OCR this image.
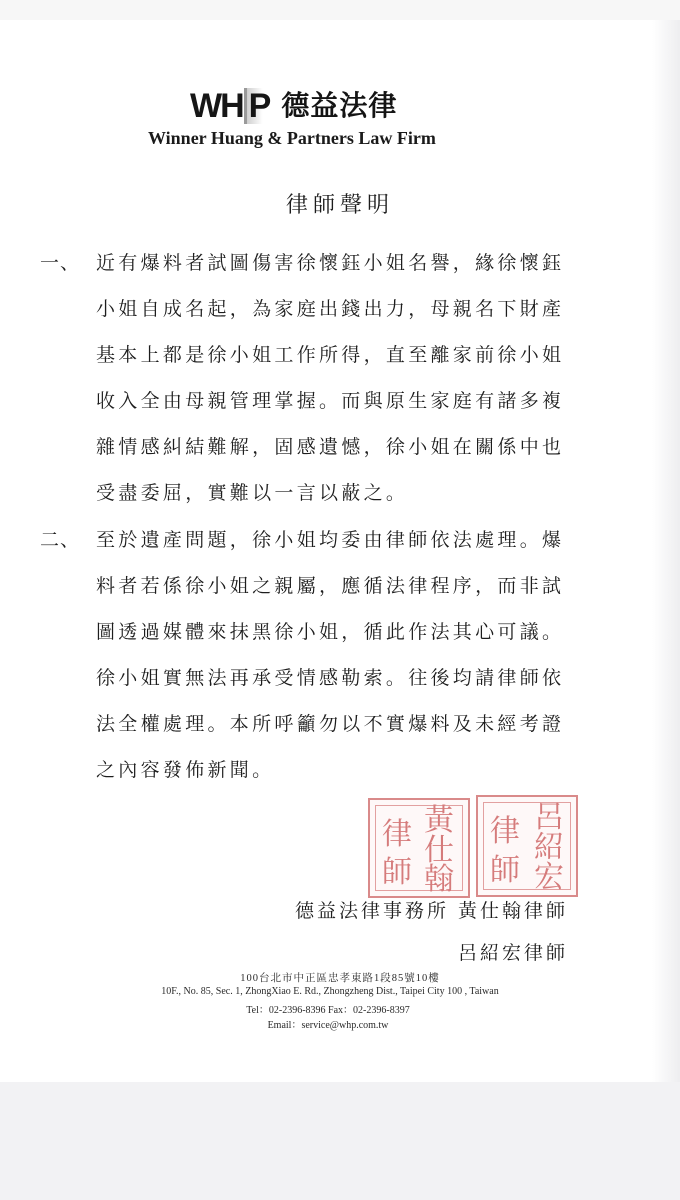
WH P 德益法律
Winner Huang & Partners Law Firm
律師聲明
一、 近有爆料者試圖傷害徐懷鈺小姐名譽，緣徐懷鈺
小姐自成名起，為家庭出錢出力，母親名下財產
基本上都是徐小姐工作所得，直至離家前徐小姐
收入全由母親管理掌握。而與原生家庭有諸多複
雜情感糾結難解，固感遺憾，徐小姐在關係中也
受盡委屈，實難以一言以蔽之。
二、 至於遺產問題，徐小姐均委由律師依法處理。爆
料者若係徐小姐之親屬，應循法律程序，而非試
圖透過媒體來抹黑徐小姐，循此作法其心可議。
徐小姐實無法再承受情感勒索。往後均請律師依
法全權處理。本所呼籲勿以不實爆料及未經考證
之內容發佈新聞。
黃
仕
翰
律
師
呂
紹
宏
律
師
德益法律事務所 黃仕翰律師
呂紹宏律師
100台北市中正區忠孝東路1段85號10樓
10F., No. 85, Sec. 1, ZhongXiao E. Rd., Zhongzheng Dist., Taipei City 100 , Taiwan
Tel：02-2396-8396 Fax：02-2396-8397
Email：service@whp.com.tw
